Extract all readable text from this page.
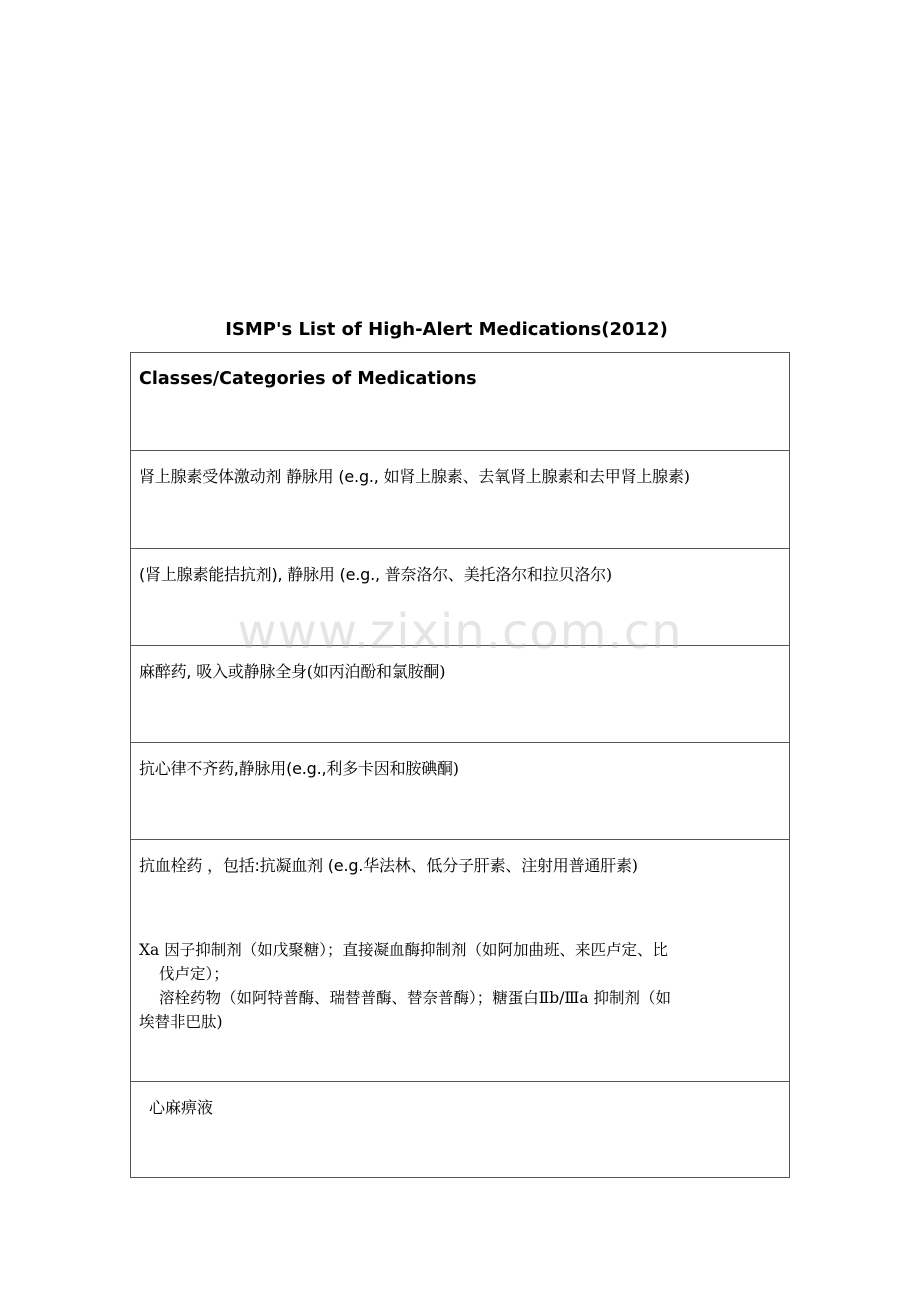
ISMP's List of High-Alert Medications(2012)
Classes/Categories of Medications
肾上腺素受体激动剂 静脉用 (e.g., 如肾上腺素、去氧肾上腺素和去甲肾上腺素)
(肾上腺素能拮抗剂), 静脉用 (e.g., 普奈洛尔、美托洛尔和拉贝洛尔)
麻醉药, 吸入或静脉全身(如丙泊酚和氯胺酮)
抗心律不齐药,静脉用(e.g.,利多卡因和胺碘酮)
抗血栓药 ，包括:抗凝血剂 (e.g.华法林、低分子肝素、注射用普通肝素)
Xa 因子抑制剂（如戊聚糖）；直接凝血酶抑制剂（如阿加曲班、来匹卢定、比
伐卢定）；
溶栓药物（如阿特普酶、瑞替普酶、替奈普酶）；糖蛋白Ⅱb/Ⅲa 抑制剂（如
埃替非巴肽)
心麻痹液
www.zixin.com.cn
